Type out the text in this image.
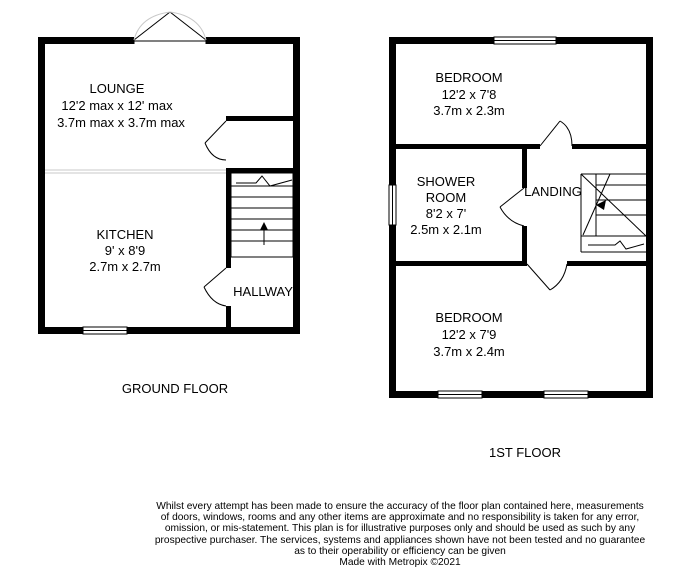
LOUNGE
12'2 max x 12' max
3.7m max x 3.7m max
KITCHEN
9' x 8'9
2.7m x 2.7m
HALLWAY
GROUND FLOOR
BEDROOM
12'2 x 7'8
3.7m x 2.3m
SHOWER
ROOM
8'2 x 7'
2.5m x 2.1m
LANDING
BEDROOM
12'2 x 7'9
3.7m x 2.4m
1ST FLOOR

Whilst every attempt has been made to ensure the accuracy of the floor plan contained here, measurements
of doors, windows, rooms and any other items are approximate and no responsibility is taken for any error,
omission, or mis-statement. This plan is for illustrative purposes only and should be used as such by any
prospective purchaser. The services, systems and appliances shown have not been tested and no guarantee
as to their operability or efficiency can be given
Made with Metropix ©2021
